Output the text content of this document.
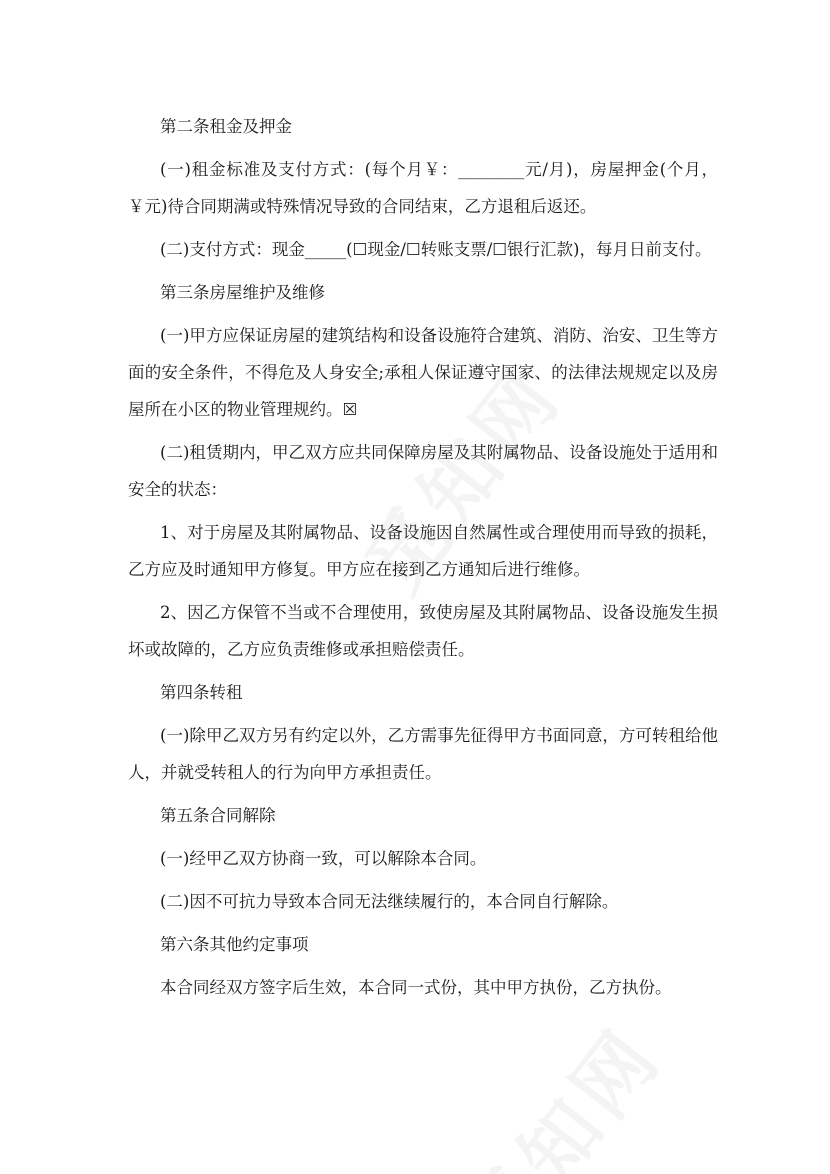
第二条租金及押金

(一)租金标准及支付方式：(每个月￥：________元/月)，房屋押金(个月，￥元)待合同期满或特殊情况导致的合同结束，乙方退租后返还。

(二)支付方式：现金_____(☐现金/☐转账支票/☐银行汇款)，每月日前支付。

第三条房屋维护及维修

(一)甲方应保证房屋的建筑结构和设备设施符合建筑、消防、治安、卫生等方面的安全条件，不得危及人身安全;承租人保证遵守国家、的法律法规规定以及房屋所在小区的物业管理规约。☒

(二)租赁期内，甲乙双方应共同保障房屋及其附属物品、设备设施处于适用和安全的状态：

1、对于房屋及其附属物品、设备设施因自然属性或合理使用而导致的损耗，乙方应及时通知甲方修复。甲方应在接到乙方通知后进行维修。

2、因乙方保管不当或不合理使用，致使房屋及其附属物品、设备设施发生损坏或故障的，乙方应负责维修或承担赔偿责任。

第四条转租

(一)除甲乙双方另有约定以外，乙方需事先征得甲方书面同意，方可转租给他人，并就受转租人的行为向甲方承担责任。

第五条合同解除

(一)经甲乙双方协商一致，可以解除本合同。

(二)因不可抗力导致本合同无法继续履行的，本合同自行解除。

第六条其他约定事项

本合同经双方签字后生效，本合同一式份，其中甲方执份，乙方执份。
